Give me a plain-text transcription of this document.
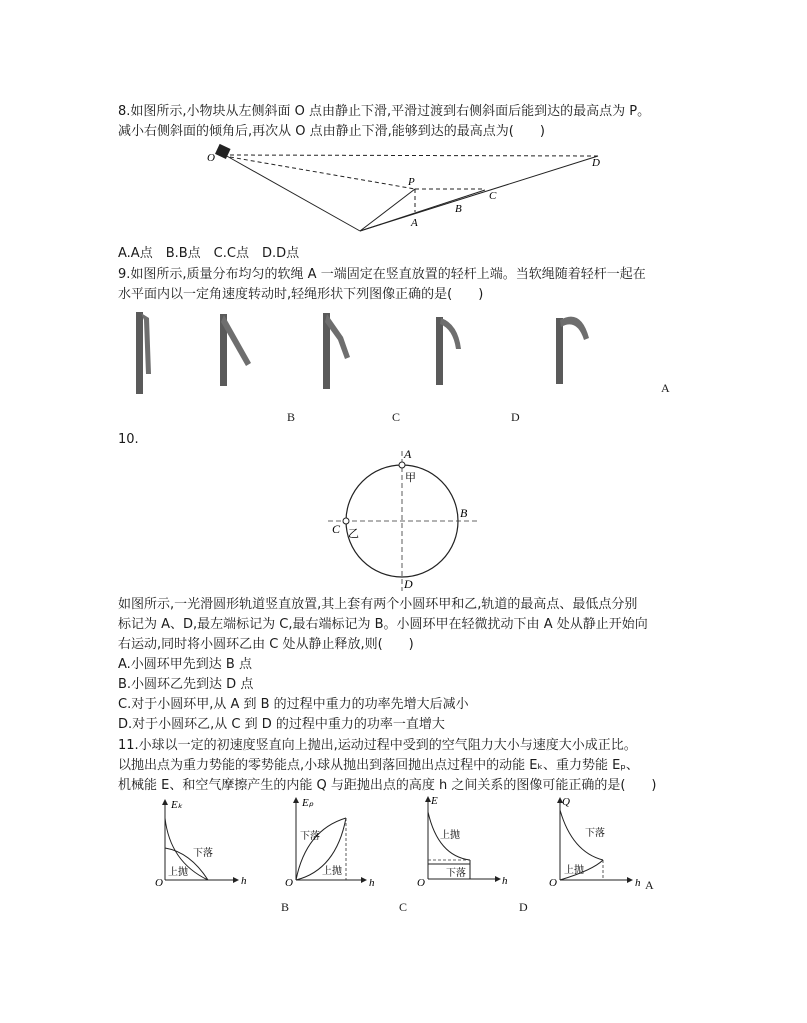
8.如图所示,小物块从左侧斜面 O 点由静止下滑,平滑过渡到右侧斜面后能到达的最高点为 P。
减小右侧斜面的倾角后,再次从 O 点由静止下滑,能够到达的最高点为(　　)
O
P
A
B
C
D
A.A点　B.B点　C.C点　D.D点
9.如图所示,质量分布均匀的软绳 A 一端固定在竖直放置的轻杆上端。当软绳随着轻杆一起在
水平面内以一定角速度转动时,轻绳形状下列图像正确的是(　　)
A
B	C	D
10.
A
B
C
D
甲
乙
如图所示,一光滑圆形轨道竖直放置,其上套有两个小圆环甲和乙,轨道的最高点、最低点分别
标记为 A、D,最左端标记为 C,最右端标记为 B。小圆环甲在轻微扰动下由 A 处从静止开始向
右运动,同时将小圆环乙由 C 处从静止释放,则(　　)
A.小圆环甲先到达 B 点
B.小圆环乙先到达 D 点
C.对于小圆环甲,从 A 到 B 的过程中重力的功率先增大后减小
D.对于小圆环乙,从 C 到 D 的过程中重力的功率一直增大
11.小球以一定的初速度竖直向上抛出,运动过程中受到的空气阻力大小与速度大小成正比。
以抛出点为重力势能的零势能点,小球从抛出到落回抛出点过程中的动能 Eₖ、重力势能 Eₚ、
机械能 E、和空气摩擦产生的内能 Q 与距抛出点的高度 h 之间关系的图像可能正确的是(　　)
Eₖ
下落
上抛
O	h
Eₚ
下落
上抛
O	h
E
上抛
下落
O	h
Q
下落
上抛
O	h A
B	C	D
